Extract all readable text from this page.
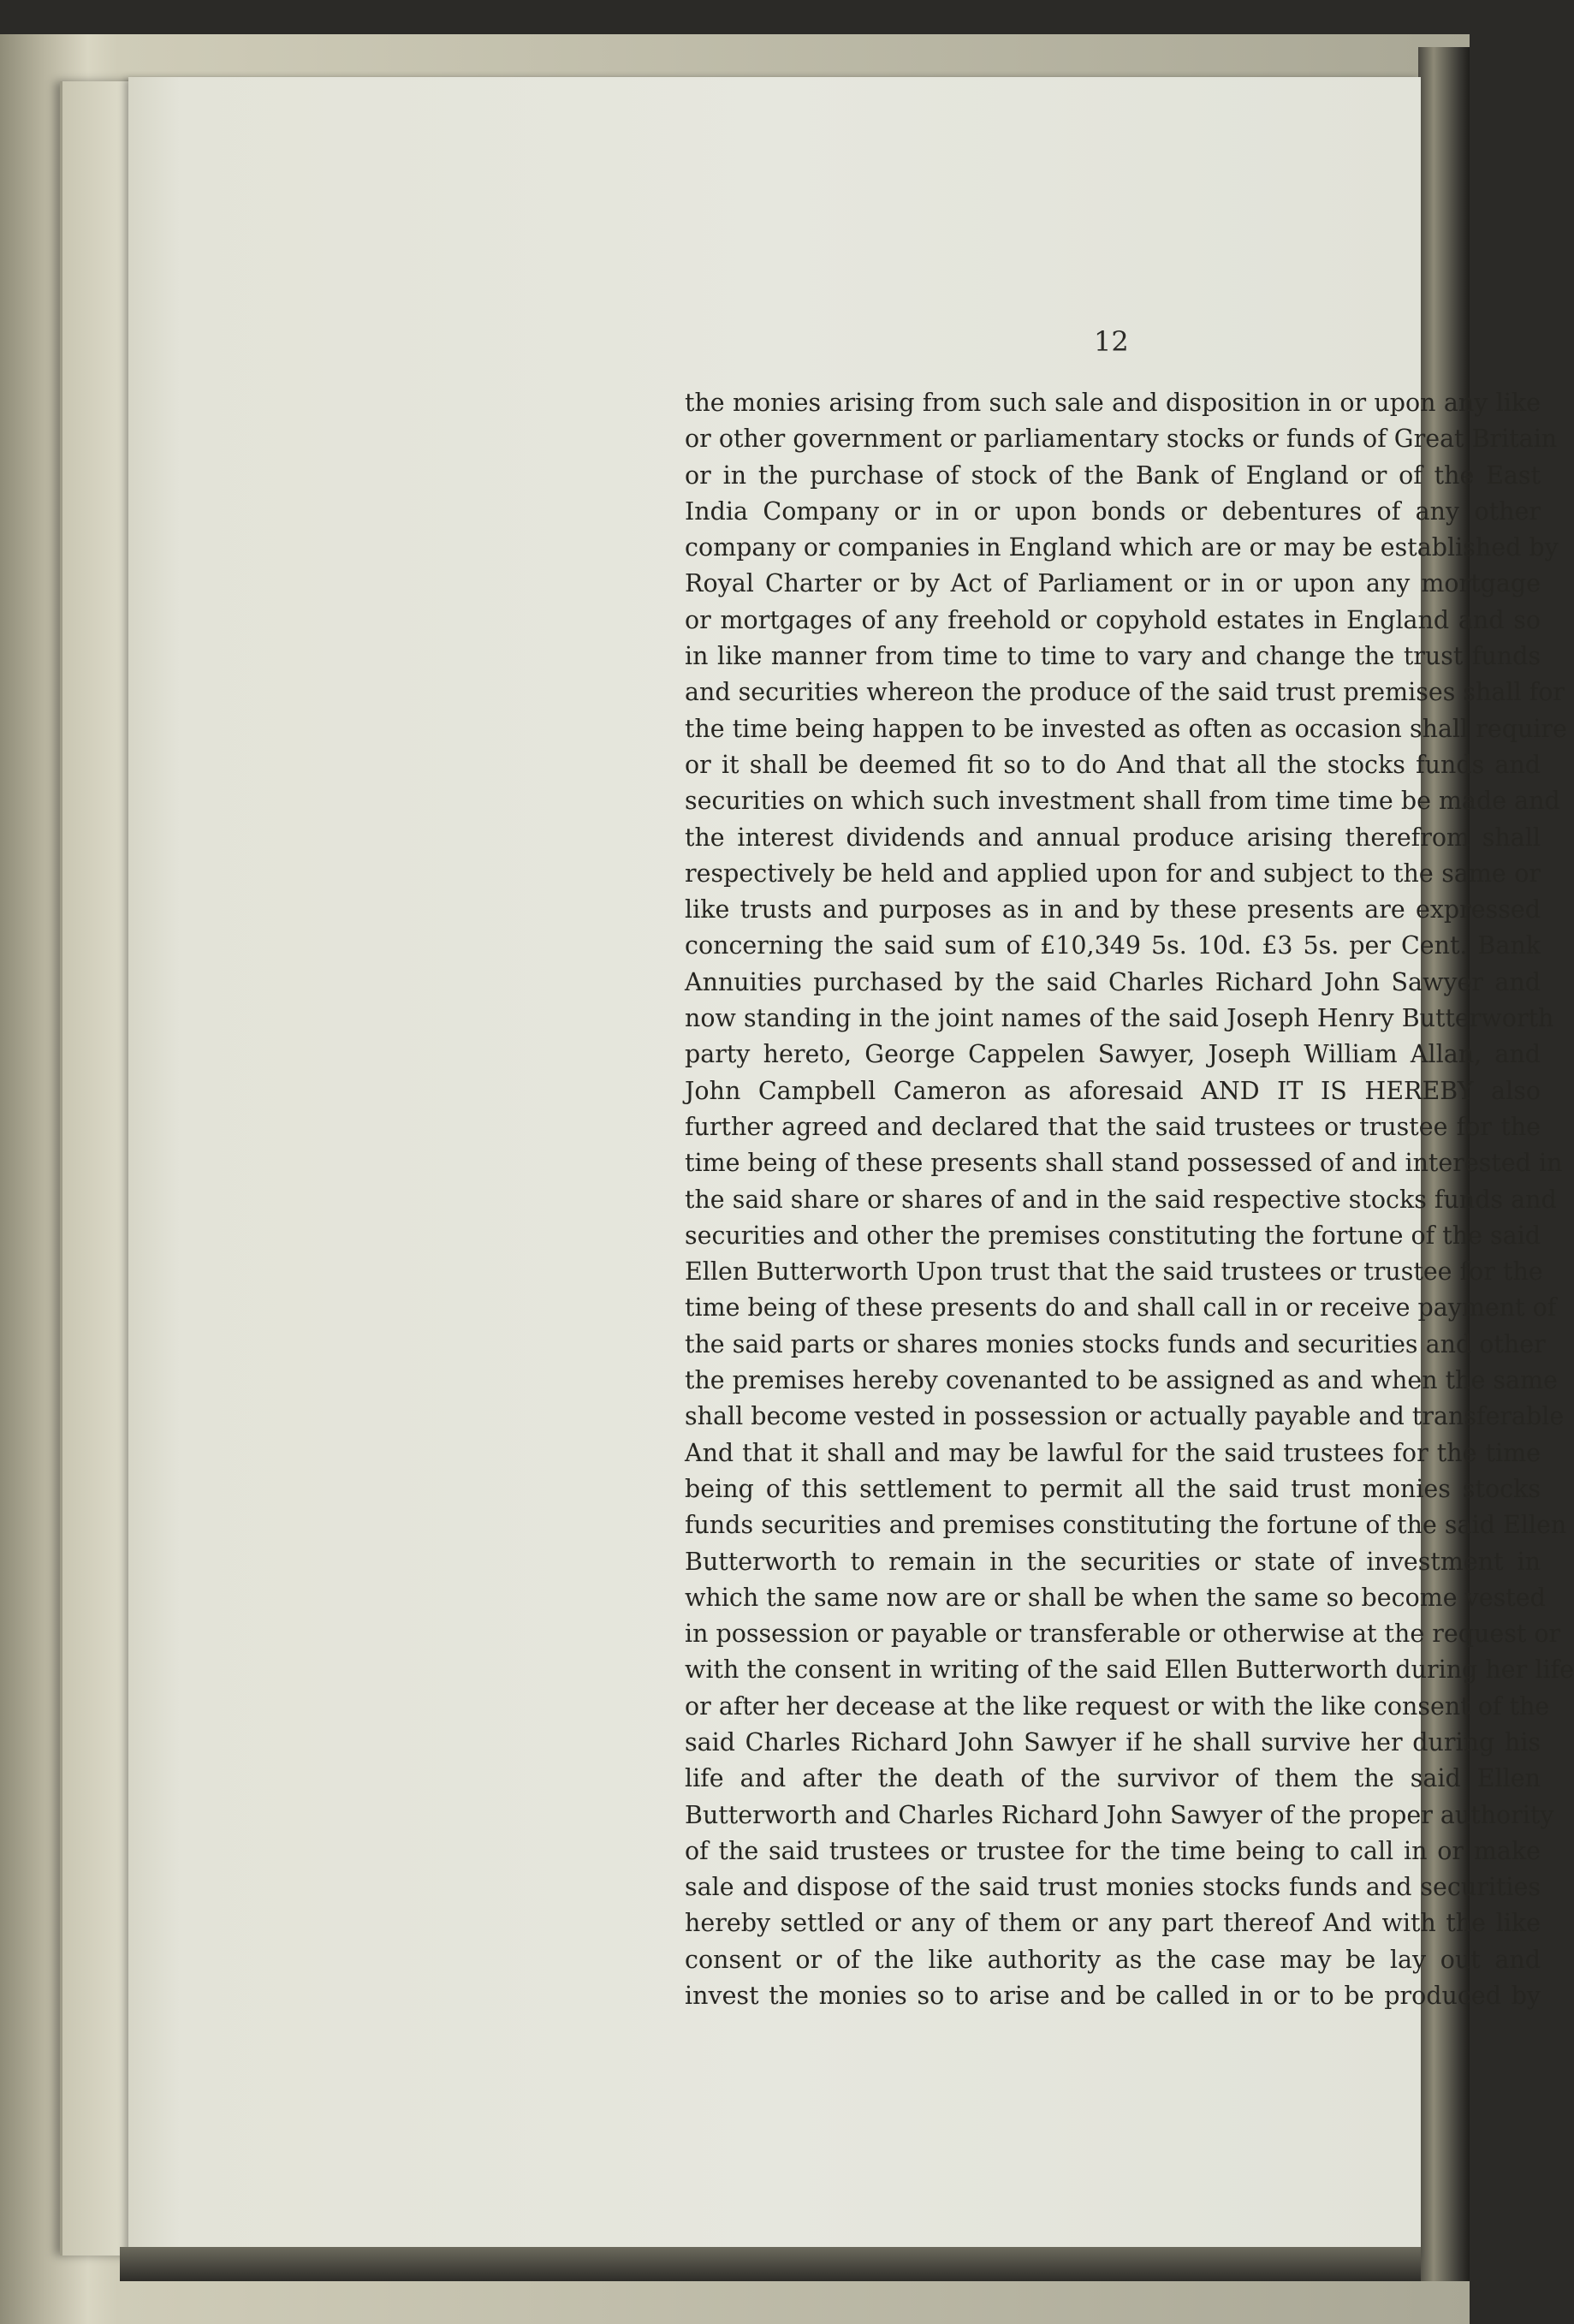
12
the monies arising from such sale and disposition in or upon any like
or other government or parliamentary stocks or funds of Great Britain
or in the purchase of stock of the Bank of England or of the East
India Company or in or upon bonds or debentures of any other
company or companies in England which are or may be established by
Royal Charter or by Act of Parliament or in or upon any mortgage
or mortgages of any freehold or copyhold estates in England and so
in like manner from time to time to vary and change the trust funds
and securities whereon the produce of the said trust premises shall for
the time being happen to be invested as often as occasion shall require
or it shall be deemed fit so to do And that all the stocks funds and
securities on which such investment shall from time time be made and
the interest dividends and annual produce arising therefrom shall
respectively be held and applied upon for and subject to the same or
like trusts and purposes as in and by these presents are expressed
concerning the said sum of £10,349 5s. 10d. £3 5s. per Cent. Bank
Annuities purchased by the said Charles Richard John Sawyer and
now standing in the joint names of the said Joseph Henry Butterworth
party hereto, George Cappelen Sawyer, Joseph William Allan, and
John Campbell Cameron as aforesaid AND IT IS HEREBY also
further agreed and declared that the said trustees or trustee for the
time being of these presents shall stand possessed of and interested in
the said share or shares of and in the said respective stocks funds and
securities and other the premises constituting the fortune of the said
Ellen Butterworth Upon trust that the said trustees or trustee for the
time being of these presents do and shall call in or receive payment of
the said parts or shares monies stocks funds and securities and other
the premises hereby covenanted to be assigned as and when the same
shall become vested in possession or actually payable and transferable
And that it shall and may be lawful for the said trustees for the time
being of this settlement to permit all the said trust monies stocks
funds securities and premises constituting the fortune of the said Ellen
Butterworth to remain in the securities or state of investment in
which the same now are or shall be when the same so become vested
in possession or payable or transferable or otherwise at the request or
with the consent in writing of the said Ellen Butterworth during her life
or after her decease at the like request or with the like consent of the
said Charles Richard John Sawyer if he shall survive her during his
life and after the death of the survivor of them the said Ellen
Butterworth and Charles Richard John Sawyer of the proper authority
of the said trustees or trustee for the time being to call in or make
sale and dispose of the said trust monies stocks funds and securities
hereby settled or any of them or any part thereof And with the like
consent or of the like authority as the case may be lay out and
invest the monies so to arise and be called in or to be produced by
